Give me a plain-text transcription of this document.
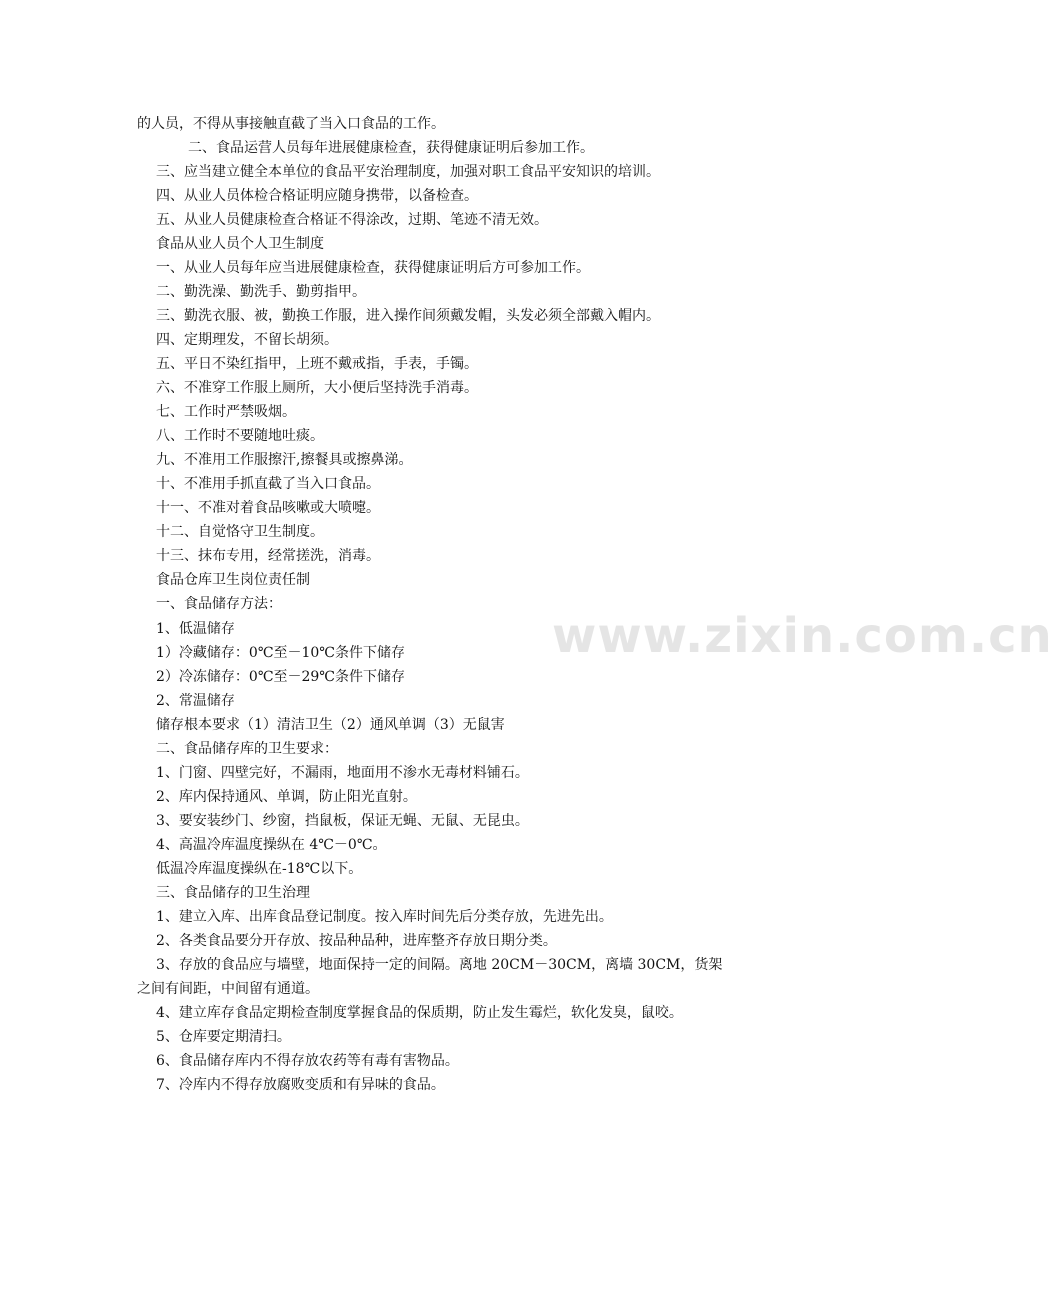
的人员，不得从事接触直截了当入口食品的工作。
二、食品运营人员每年进展健康检查，获得健康证明后参加工作。
三、应当建立健全本单位的食品平安治理制度，加强对职工食品平安知识的培训。
四、从业人员体检合格证明应随身携带，以备检查。
五、从业人员健康检查合格证不得涂改，过期、笔迹不清无效。
食品从业人员个人卫生制度
一、从业人员每年应当进展健康检查，获得健康证明后方可参加工作。
二、勤洗澡、勤洗手、勤剪指甲。
三、勤洗衣服、被，勤换工作服，进入操作间须戴发帽，头发必须全部戴入帽内。
四、定期理发，不留长胡须。
五、平日不染红指甲，上班不戴戒指，手表，手镯。
六、不准穿工作服上厕所，大小便后坚持洗手消毒。
七、工作时严禁吸烟。
八、工作时不要随地吐痰。
九、不准用工作服擦汗,擦餐具或擦鼻涕。
十、不准用手抓直截了当入口食品。
十一、不准对着食品咳嗽或大喷嚏。
十二、自觉恪守卫生制度。
十三、抹布专用，经常搓洗，消毒。
食品仓库卫生岗位责任制
一、食品储存方法：
1、低温储存
1）冷藏储存：0℃至－10℃条件下储存
2）冷冻储存：0℃至－29℃条件下储存
2、常温储存
储存根本要求（1）清洁卫生（2）通风单调（3）无鼠害
二、食品储存库的卫生要求：
1、门窗、四壁完好，不漏雨，地面用不渗水无毒材料铺石。
2、库内保持通风、单调，防止阳光直射。
3、要安装纱门、纱窗，挡鼠板，保证无蝇、无鼠、无昆虫。
4、高温冷库温度操纵在 4℃－0℃。
低温冷库温度操纵在-18℃以下。
三、食品储存的卫生治理
1、建立入库、出库食品登记制度。按入库时间先后分类存放，先进先出。
2、各类食品要分开存放、按品种品种，进库整齐存放日期分类。
3、存放的食品应与墙壁，地面保持一定的间隔。离地 20CM－30CM，离墙 30CM，货架
之间有间距，中间留有通道。
4、建立库存食品定期检查制度掌握食品的保质期，防止发生霉烂，软化发臭，鼠咬。
5、仓库要定期清扫。
6、食品储存库内不得存放农药等有毒有害物品。
7、冷库内不得存放腐败变质和有异味的食品。
www.zixin.com.cn
